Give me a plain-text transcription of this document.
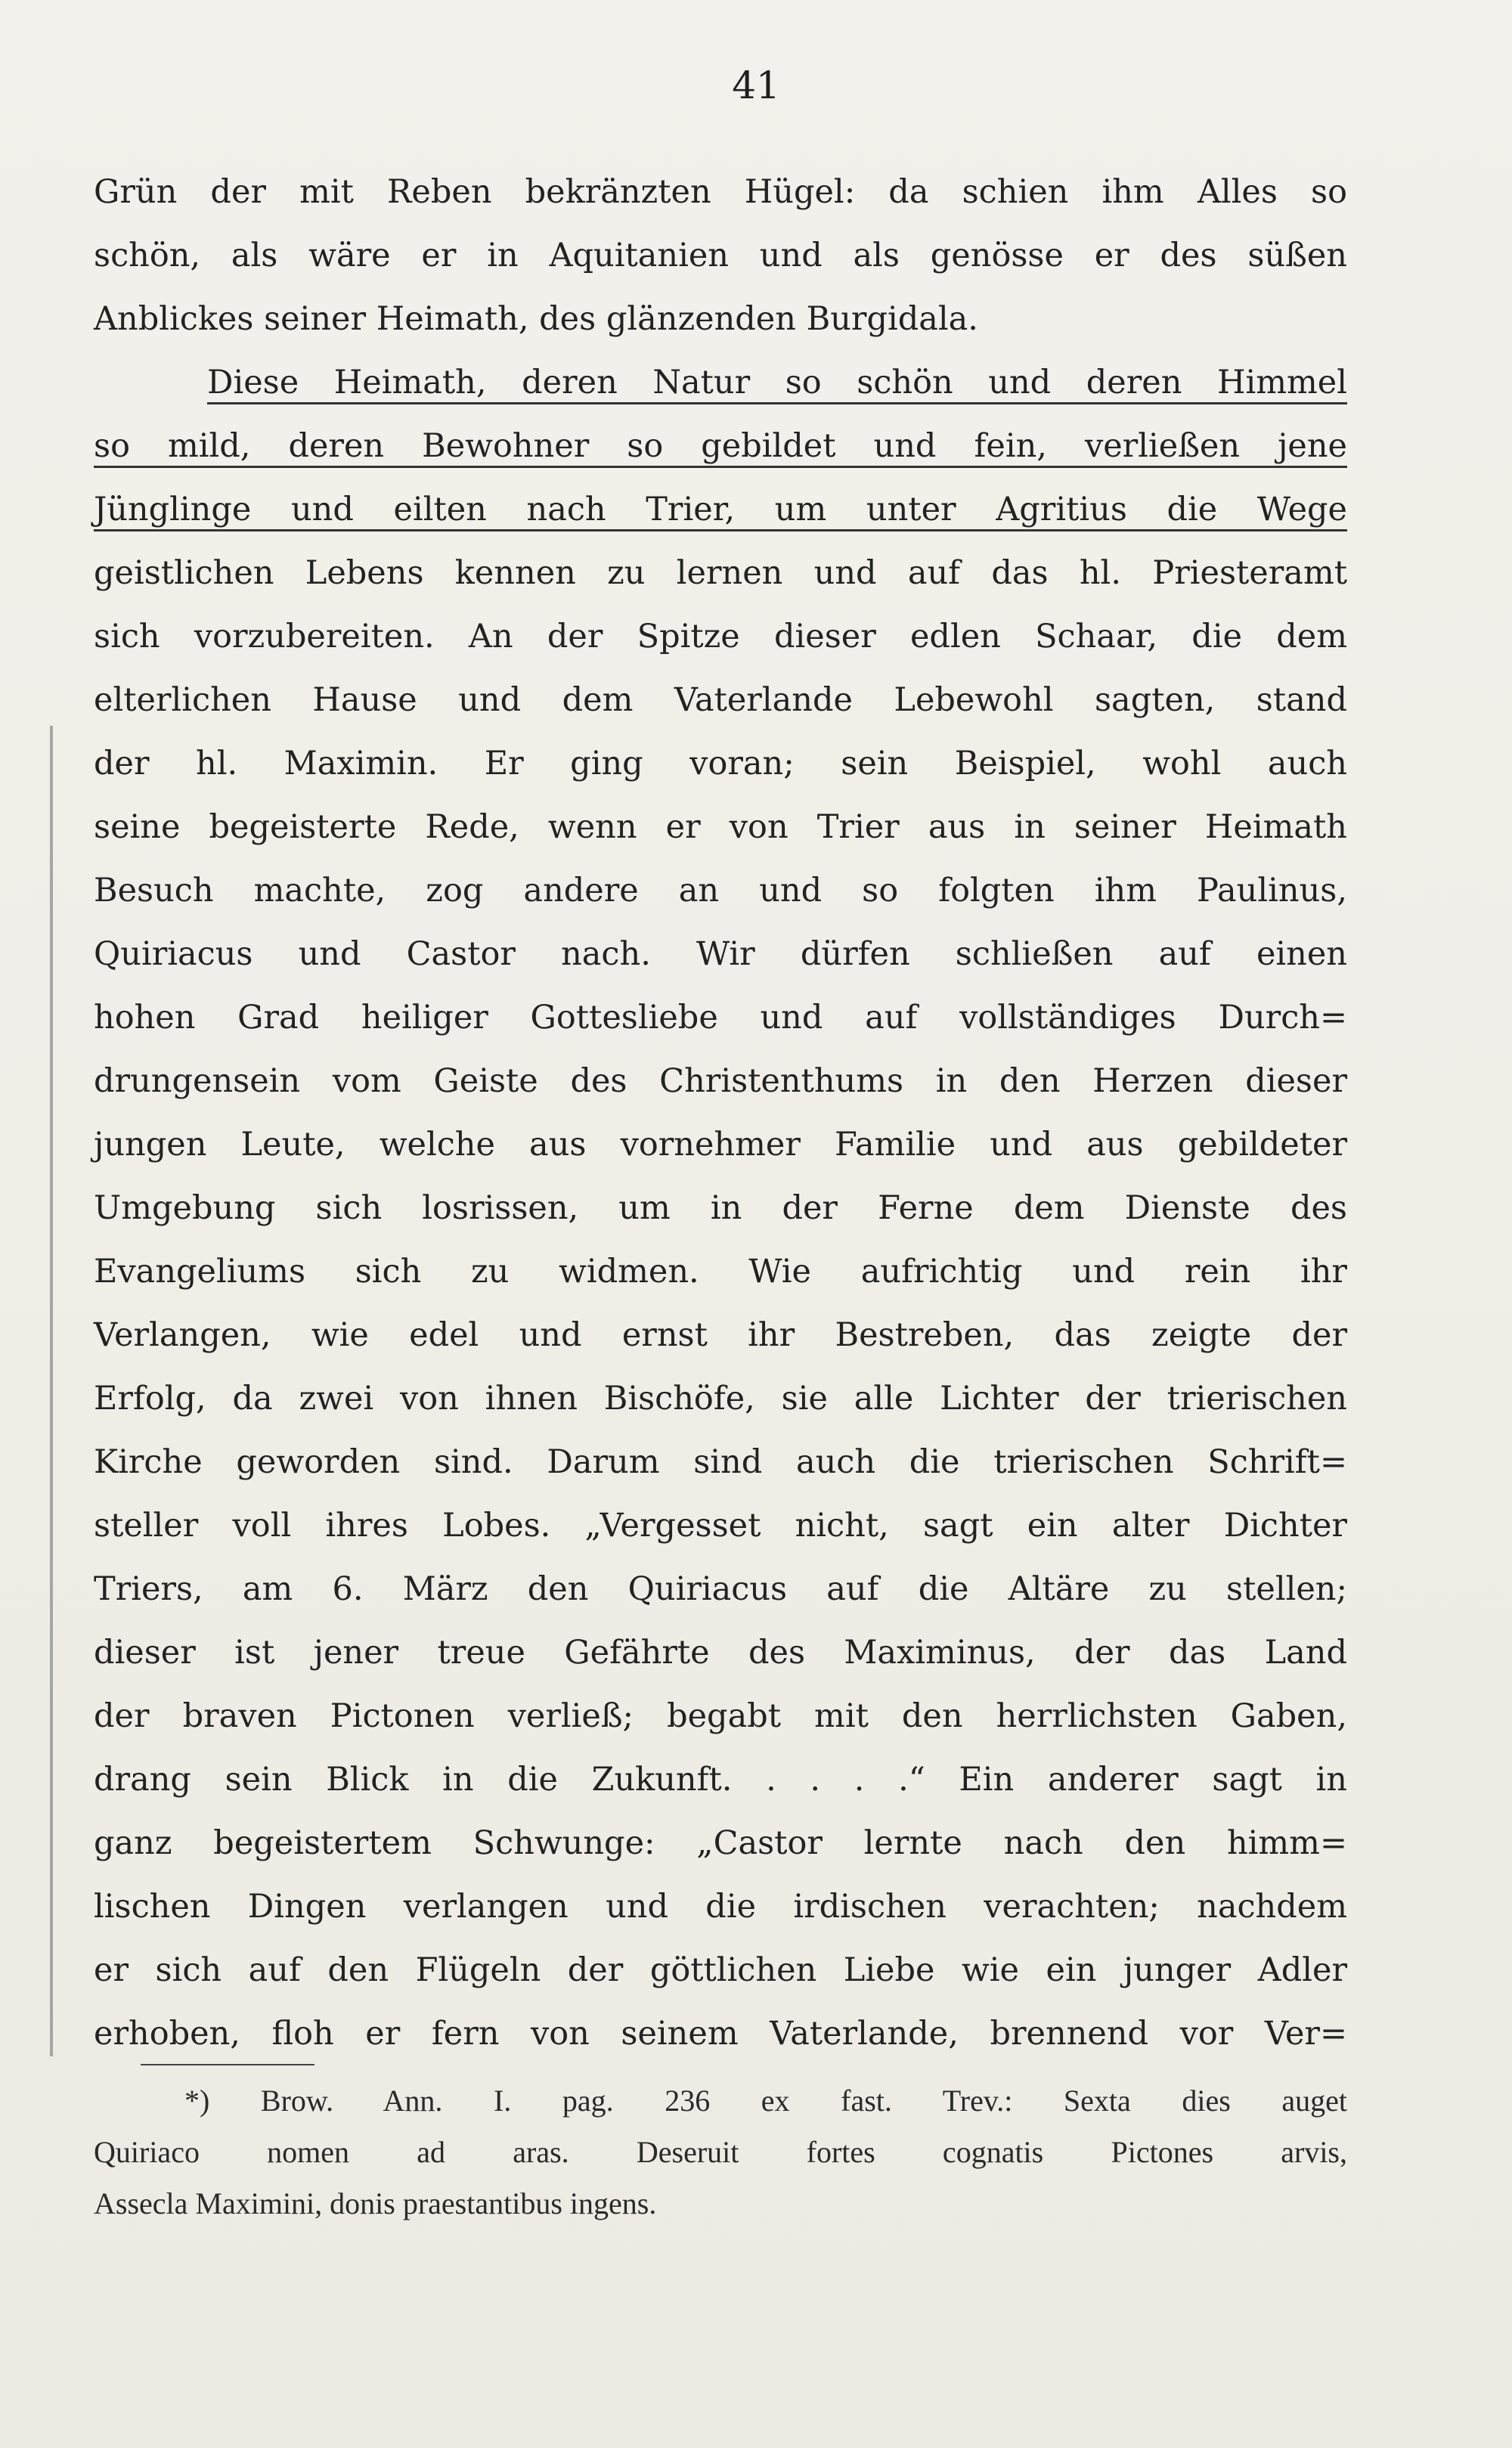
41
Grün der mit Reben bekränzten Hügel: da schien ihm Alles so
schön, als wäre er in Aquitanien und als genösse er des süßen
Anblickes seiner Heimath, des glänzenden Burgidala.
Diese Heimath, deren Natur so schön und deren Himmel
so mild, deren Bewohner so gebildet und fein, verließen jene
Jünglinge und eilten nach Trier, um unter Agritius die Wege
geistlichen Lebens kennen zu lernen und auf das hl. Priesteramt
sich vorzubereiten. An der Spitze dieser edlen Schaar, die dem
elterlichen Hause und dem Vaterlande Lebewohl sagten, stand
der hl. Maximin. Er ging voran; sein Beispiel, wohl auch
seine begeisterte Rede, wenn er von Trier aus in seiner Heimath
Besuch machte, zog andere an und so folgten ihm Paulinus,
Quiriacus und Castor nach. Wir dürfen schließen auf einen
hohen Grad heiliger Gottesliebe und auf vollständiges Durch=
drungensein vom Geiste des Christenthums in den Herzen dieser
jungen Leute, welche aus vornehmer Familie und aus gebildeter
Umgebung sich losrissen, um in der Ferne dem Dienste des
Evangeliums sich zu widmen. Wie aufrichtig und rein ihr
Verlangen, wie edel und ernst ihr Bestreben, das zeigte der
Erfolg, da zwei von ihnen Bischöfe, sie alle Lichter der trierischen
Kirche geworden sind. Darum sind auch die trierischen Schrift=
steller voll ihres Lobes. „Vergesset nicht, sagt ein alter Dichter
Triers, am 6. März den Quiriacus auf die Altäre zu stellen;
dieser ist jener treue Gefährte des Maximinus, der das Land
der braven Pictonen verließ; begabt mit den herrlichsten Gaben,
drang sein Blick in die Zukunft. . . . .“ Ein anderer sagt in
ganz begeistertem Schwunge: „Castor lernte nach den himm=
lischen Dingen verlangen und die irdischen verachten; nachdem
er sich auf den Flügeln der göttlichen Liebe wie ein junger Adler
erhoben, floh er fern von seinem Vaterlande, brennend vor Ver=
*) Brow. Ann. I. pag. 236 ex fast. Trev.: Sexta dies auget
Quiriaco nomen ad aras. Deseruit fortes cognatis Pictones arvis,
Assecla Maximini, donis praestantibus ingens.
